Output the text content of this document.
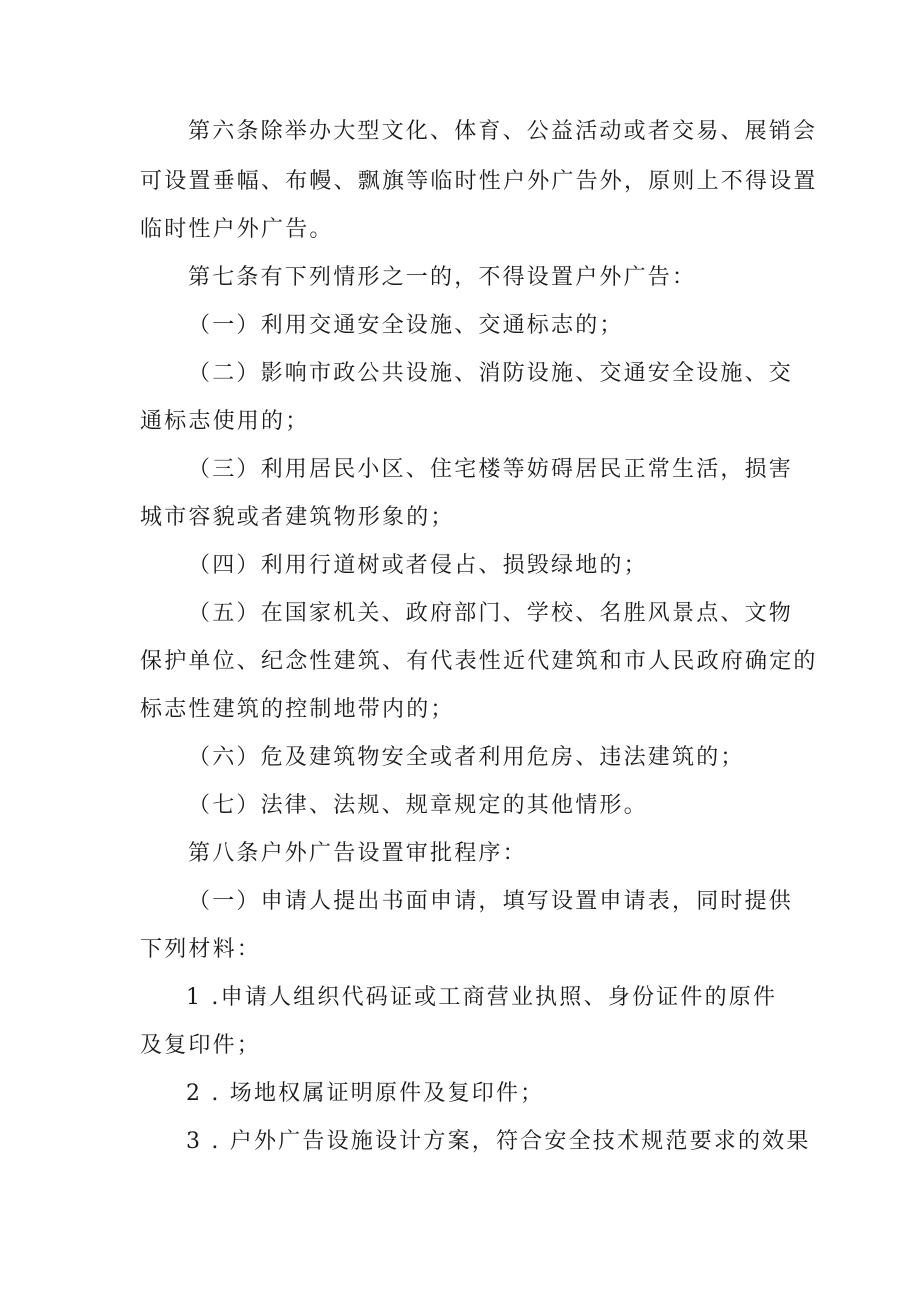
第六条除举办大型文化、体育、公益活动或者交易、展销会
可设置垂幅、布幔、飘旗等临时性户外广告外，原则上不得设置
临时性户外广告。
第七条有下列情形之一的，不得设置户外广告：
（一）利用交通安全设施、交通标志的；
（二）影响市政公共设施、消防设施、交通安全设施、交
通标志使用的；
（三）利用居民小区、住宅楼等妨碍居民正常生活，损害
城市容貌或者建筑物形象的；
（四）利用行道树或者侵占、损毁绿地的；
（五）在国家机关、政府部门、学校、名胜风景点、文物
保护单位、纪念性建筑、有代表性近代建筑和市人民政府确定的
标志性建筑的控制地带内的；
（六）危及建筑物安全或者利用危房、违法建筑的；
（七）法律、法规、规章规定的其他情形。
第八条户外广告设置审批程序：
（一）申请人提出书面申请，填写设置申请表，同时提供
下列材料：
1 .申请人组织代码证或工商营业执照、身份证件的原件
及复印件；
2 . 场地权属证明原件及复印件；
3 . 户外广告设施设计方案，符合安全技术规范要求的效果
